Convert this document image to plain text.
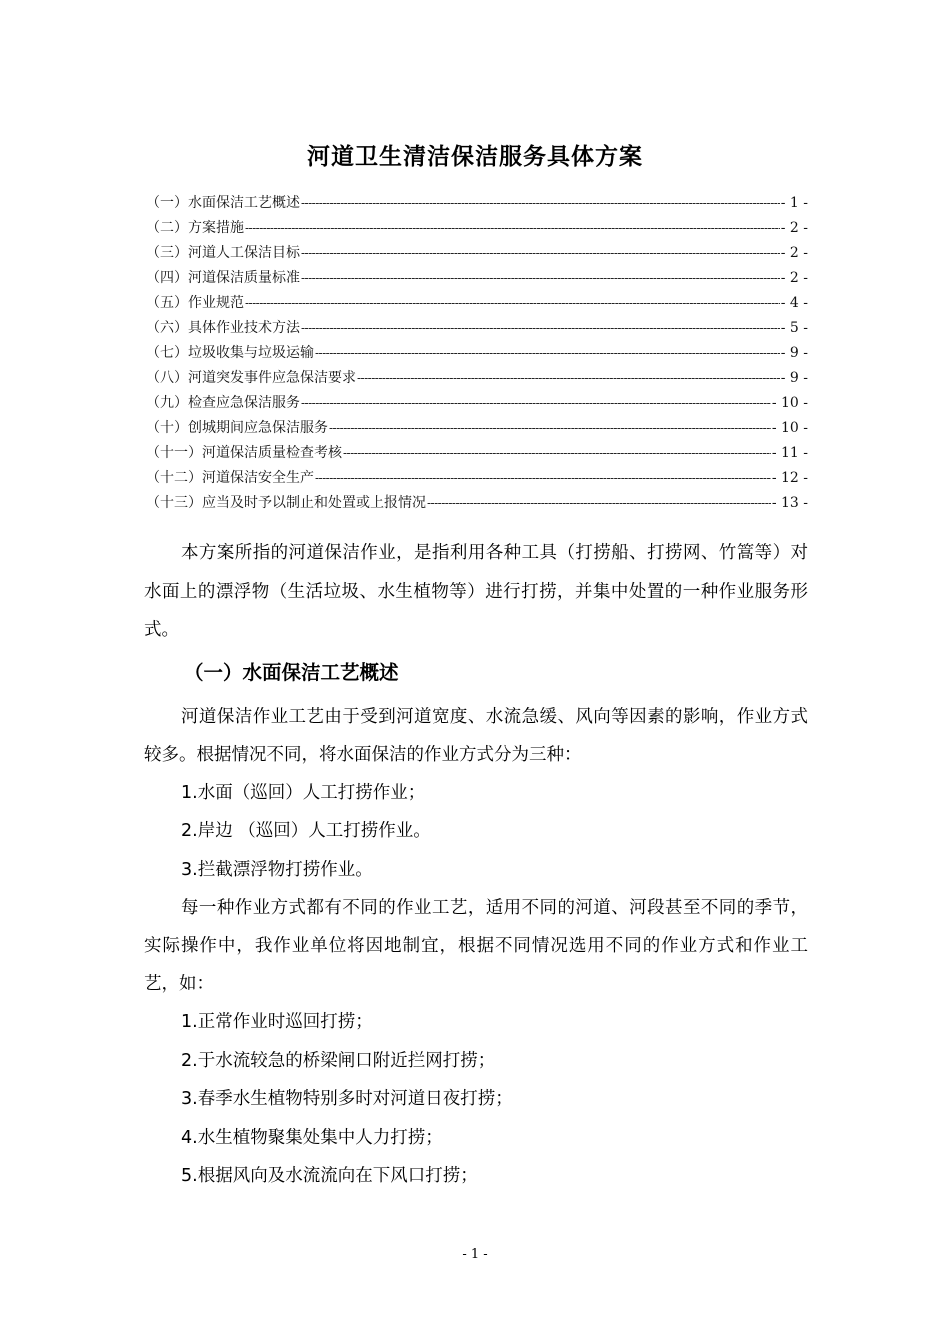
河道卫生清洁保洁服务具体方案
（一）水面保洁工艺概述 -----	- 1 -
（二）方案措施 -----	- 2 -
（三）河道人工保洁目标 -----	- 2 -
（四）河道保洁质量标准 -----	- 2 -
（五）作业规范 -----	- 4 -
（六）具体作业技术方法 -----	- 5 -
（七）垃圾收集与垃圾运输 -----	- 9 -
（八）河道突发事件应急保洁要求 -----	- 9 -
（九）检查应急保洁服务 -----	- 10 -
（十）创城期间应急保洁服务 -----	- 10 -
（十一）河道保洁质量检查考核 -----	- 11 -
（十二）河道保洁安全生产 -----	- 12 -
（十三）应当及时予以制止和处置或上报情况 -----	- 13 -

本方案所指的河道保洁作业，是指利用各种工具（打捞船、打捞网、竹篙等）对水面上的漂浮物（生活垃圾、水生植物等）进行打捞，并集中处置的一种作业服务形式。

（一）水面保洁工艺概述

河道保洁作业工艺由于受到河道宽度、水流急缓、风向等因素的影响，作业方式较多。根据情况不同，将水面保洁的作业方式分为三种：

1.水面（巡回）人工打捞作业；

2.岸边 （巡回）人工打捞作业。

3.拦截漂浮物打捞作业。

每一种作业方式都有不同的作业工艺，适用不同的河道、河段甚至不同的季节，实际操作中，我作业单位将因地制宜，根据不同情况选用不同的作业方式和作业工艺，如：

1.正常作业时巡回打捞；

2.于水流较急的桥梁闸口附近拦网打捞；

3.春季水生植物特别多时对河道日夜打捞；

4.水生植物聚集处集中人力打捞；

5.根据风向及水流流向在下风口打捞；

- 1 -
